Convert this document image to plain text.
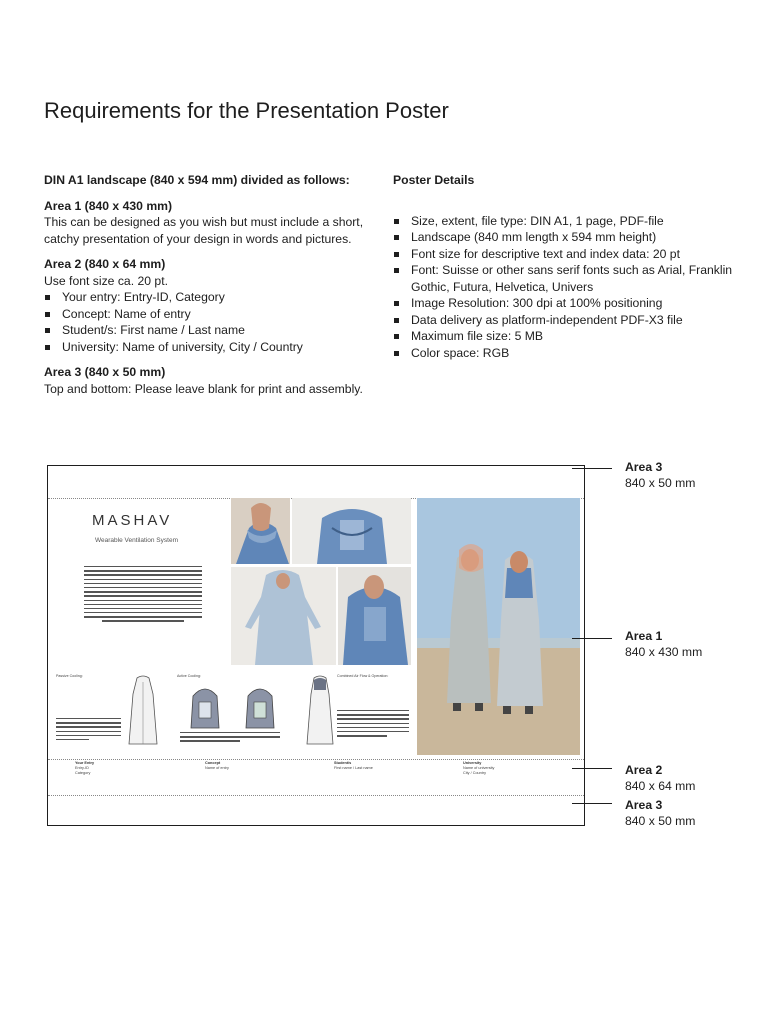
Requirements for the Presentation Poster

DIN A1 landscape (840 x 594 mm) divided as follows:

Area 1 (840 x 430 mm)

This can be designed as you wish but must include a short, catchy presentation of your design in words and pictures.

Area 2 (840 x 64 mm)

Use font size ca. 20 pt.

Your entry: Entry-ID, Category
Concept: Name of entry
Student/s: First name / Last name
University: Name of university, City / Country

Area 3 (840 x 50 mm)

Top and bottom: Please leave blank for print and assembly.

Poster Details

Size, extent, file type: DIN A1, 1 page, PDF-file
Landscape (840 mm length x 594 mm height)
Font size for descriptive text and index data: 20 pt
Font: Suisse or other sans serif fonts such as Arial, Franklin Gothic, Futura, Helvetica, Univers
Image Resolution: 300 dpi at 100% positioning
Data delivery as platform-independent PDF-X3 file
Maximum file size: 5 MB
Color space: RGB
MASHAV
Wearable Ventilation System
Passive Cooling:	Active Cooling:	Combined Air Flow & Operation:
Your Entry
Entry-ID
Category
Concept
Name of entry
Student/s
First name / Last name
University
Name of university
City / Country
Area 3
840 x 50 mm
Area 1
840 x 430 mm
Area 2
840 x 64 mm
Area 3
840 x 50 mm
